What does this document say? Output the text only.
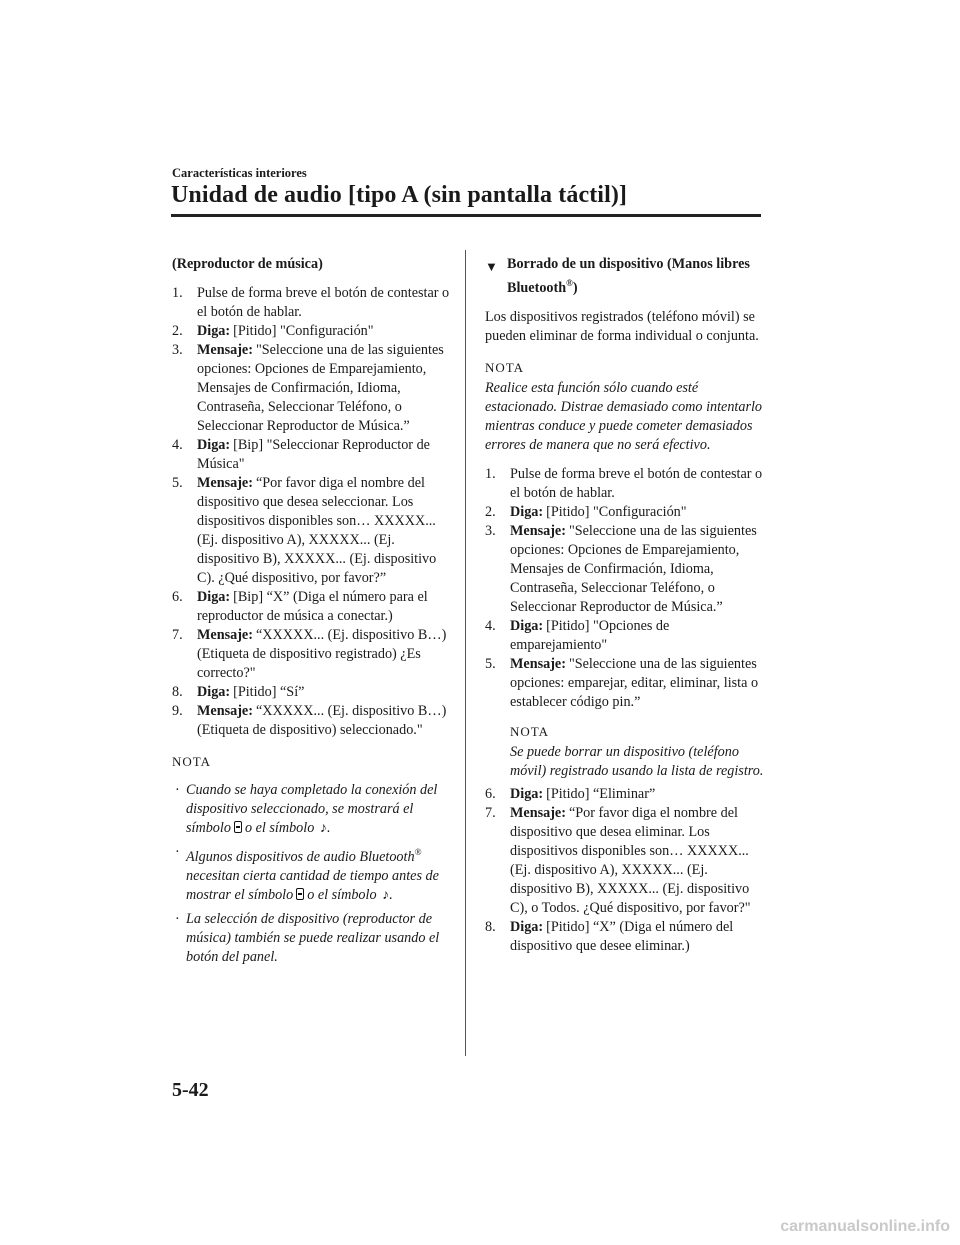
Características interiores
Unidad de audio [tipo A (sin pantalla táctil)]

(Reproductor de música)

1. Pulse de forma breve el botón de contestar o el botón de hablar.
2. Diga: [Pitido] "Configuración"
3. Mensaje: "Seleccione una de las siguientes opciones: Opciones de Emparejamiento, Mensajes de Confirmación, Idioma, Contraseña, Seleccionar Teléfono, o Seleccionar Reproductor de Música.”
4. Diga: [Bip] "Seleccionar Reproductor de Música"
5. Mensaje: “Por favor diga el nombre del dispositivo que desea seleccionar. Los dispositivos disponibles son… XXXXX... (Ej. dispositivo A), XXXXX... (Ej. dispositivo B), XXXXX... (Ej. dispositivo C). ¿Qué dispositivo, por favor?”
6. Diga: [Bip] “X” (Diga el número para el reproductor de música a conectar.)
7. Mensaje: “XXXXX... (Ej. dispositivo B…) (Etiqueta de dispositivo registrado) ¿Es correcto?"
8. Diga: [Pitido] “Sí”
9. Mensaje: “XXXXX... (Ej. dispositivo B…) (Etiqueta de dispositivo) seleccionado."

NOTA

· Cuando se haya completado la conexión del dispositivo seleccionado, se mostrará el símbolo o el símbolo ♪.
· Algunos dispositivos de audio Bluetooth® necesitan cierta cantidad de tiempo antes de mostrar el símbolo o el símbolo ♪.
· La selección de dispositivo (reproductor de música) también se puede realizar usando el botón del panel.
▼ Borrado de un dispositivo (Manos libres Bluetooth®)

Los dispositivos registrados (teléfono móvil) se pueden eliminar de forma individual o conjunta.

NOTA

Realice esta función sólo cuando esté estacionado. Distrae demasiado como intentarlo mientras conduce y puede cometer demasiados errores de manera que no será efectivo.

1. Pulse de forma breve el botón de contestar o el botón de hablar.
2. Diga: [Pitido] "Configuración"
3. Mensaje: "Seleccione una de las siguientes opciones: Opciones de Emparejamiento, Mensajes de Confirmación, Idioma, Contraseña, Seleccionar Teléfono, o Seleccionar Reproductor de Música.”
4. Diga: [Pitido] "Opciones de emparejamiento"
5. Mensaje: "Seleccione una de las siguientes opciones: emparejar, editar, eliminar, lista o establecer código pin.”

NOTA

Se puede borrar un dispositivo (teléfono móvil) registrado usando la lista de registro.

6. Diga: [Pitido] “Eliminar”
7. Mensaje: “Por favor diga el nombre del dispositivo que desea eliminar. Los dispositivos disponibles son… XXXXX... (Ej. dispositivo A), XXXXX... (Ej. dispositivo B), XXXXX... (Ej. dispositivo C), o Todos. ¿Qué dispositivo, por favor?"
8. Diga: [Pitido] “X” (Diga el número del dispositivo que desee eliminar.)
5-42
carmanualsonline.info
